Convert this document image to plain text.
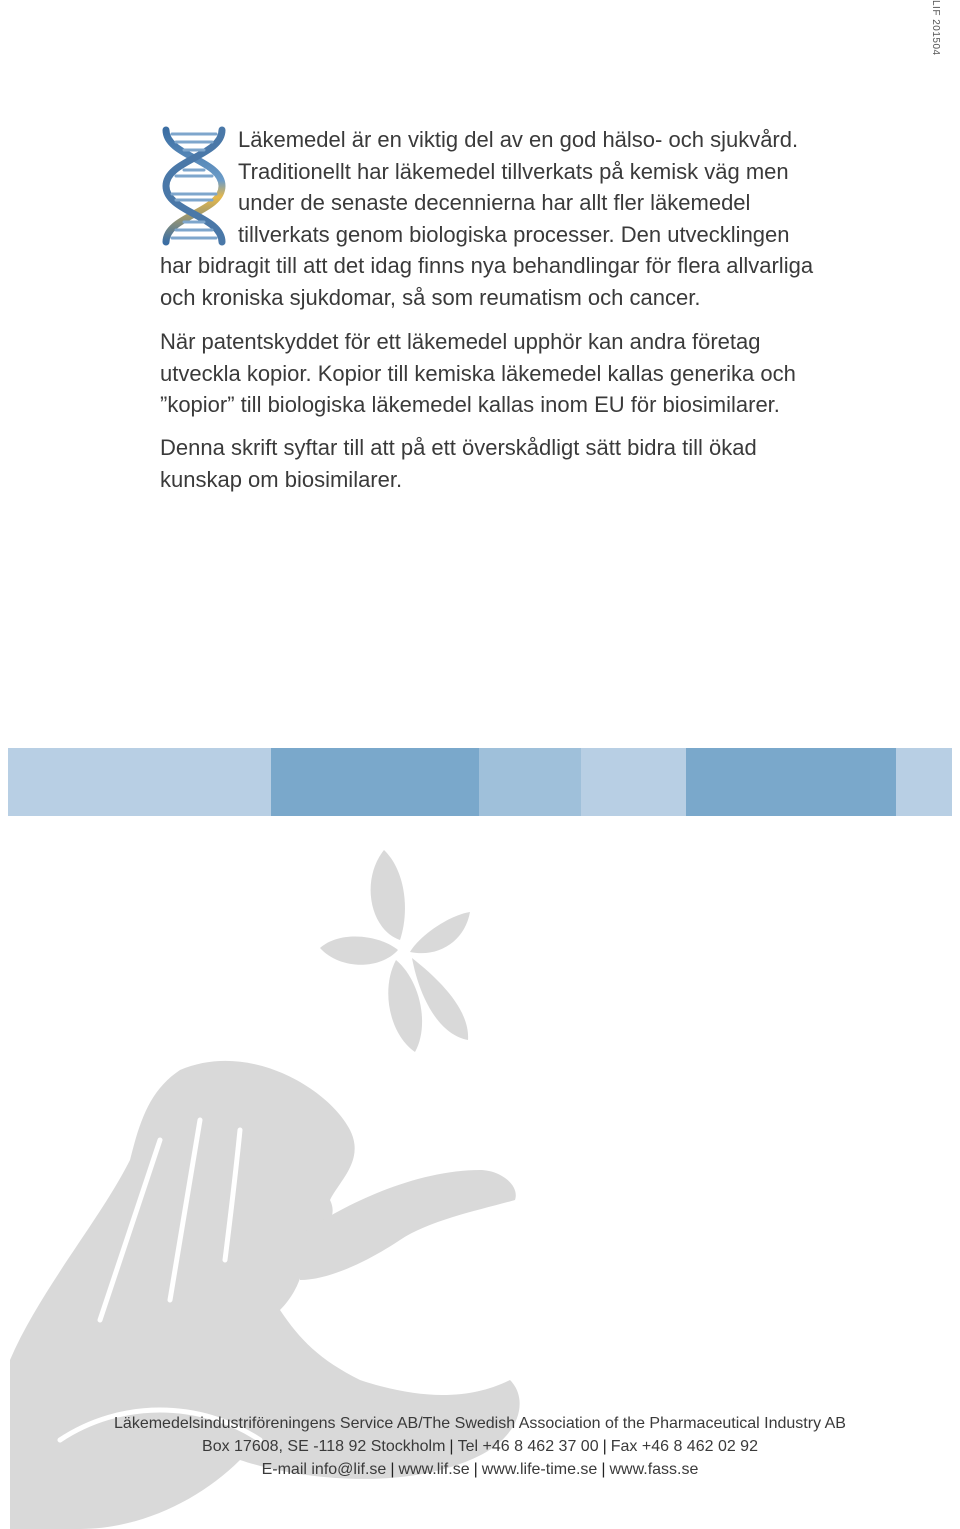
LIF 201504

Läkemedel är en viktig del av en god hälso- och sjukvård. Traditionellt har läkemedel tillverkats på kemisk väg men under de senaste decennierna har allt fler läkemedel tillverkats genom biologiska processer. Den utvecklingen har bidragit till att det idag finns nya behandlingar för flera allvarliga och kroniska sjukdomar, så som reumatism och cancer.

När patentskyddet för ett läkemedel upphör kan andra företag utveckla kopior. Kopior till kemiska läkemedel kallas generika och ”kopior” till biologiska läkemedel kallas inom EU för biosimilarer.

Denna skrift syftar till att på ett överskådligt sätt bidra till ökad kunskap om biosimilarer.

Läkemedelsindustriföreningens Service AB/The Swedish Association of the Pharmaceutical Industry AB
Box 17608, SE -118 92 Stockholm | Tel +46 8 462 37 00 | Fax +46 8 462 02 92
E-mail info@lif.se | www.lif.se | www.life-time.se | www.fass.se
